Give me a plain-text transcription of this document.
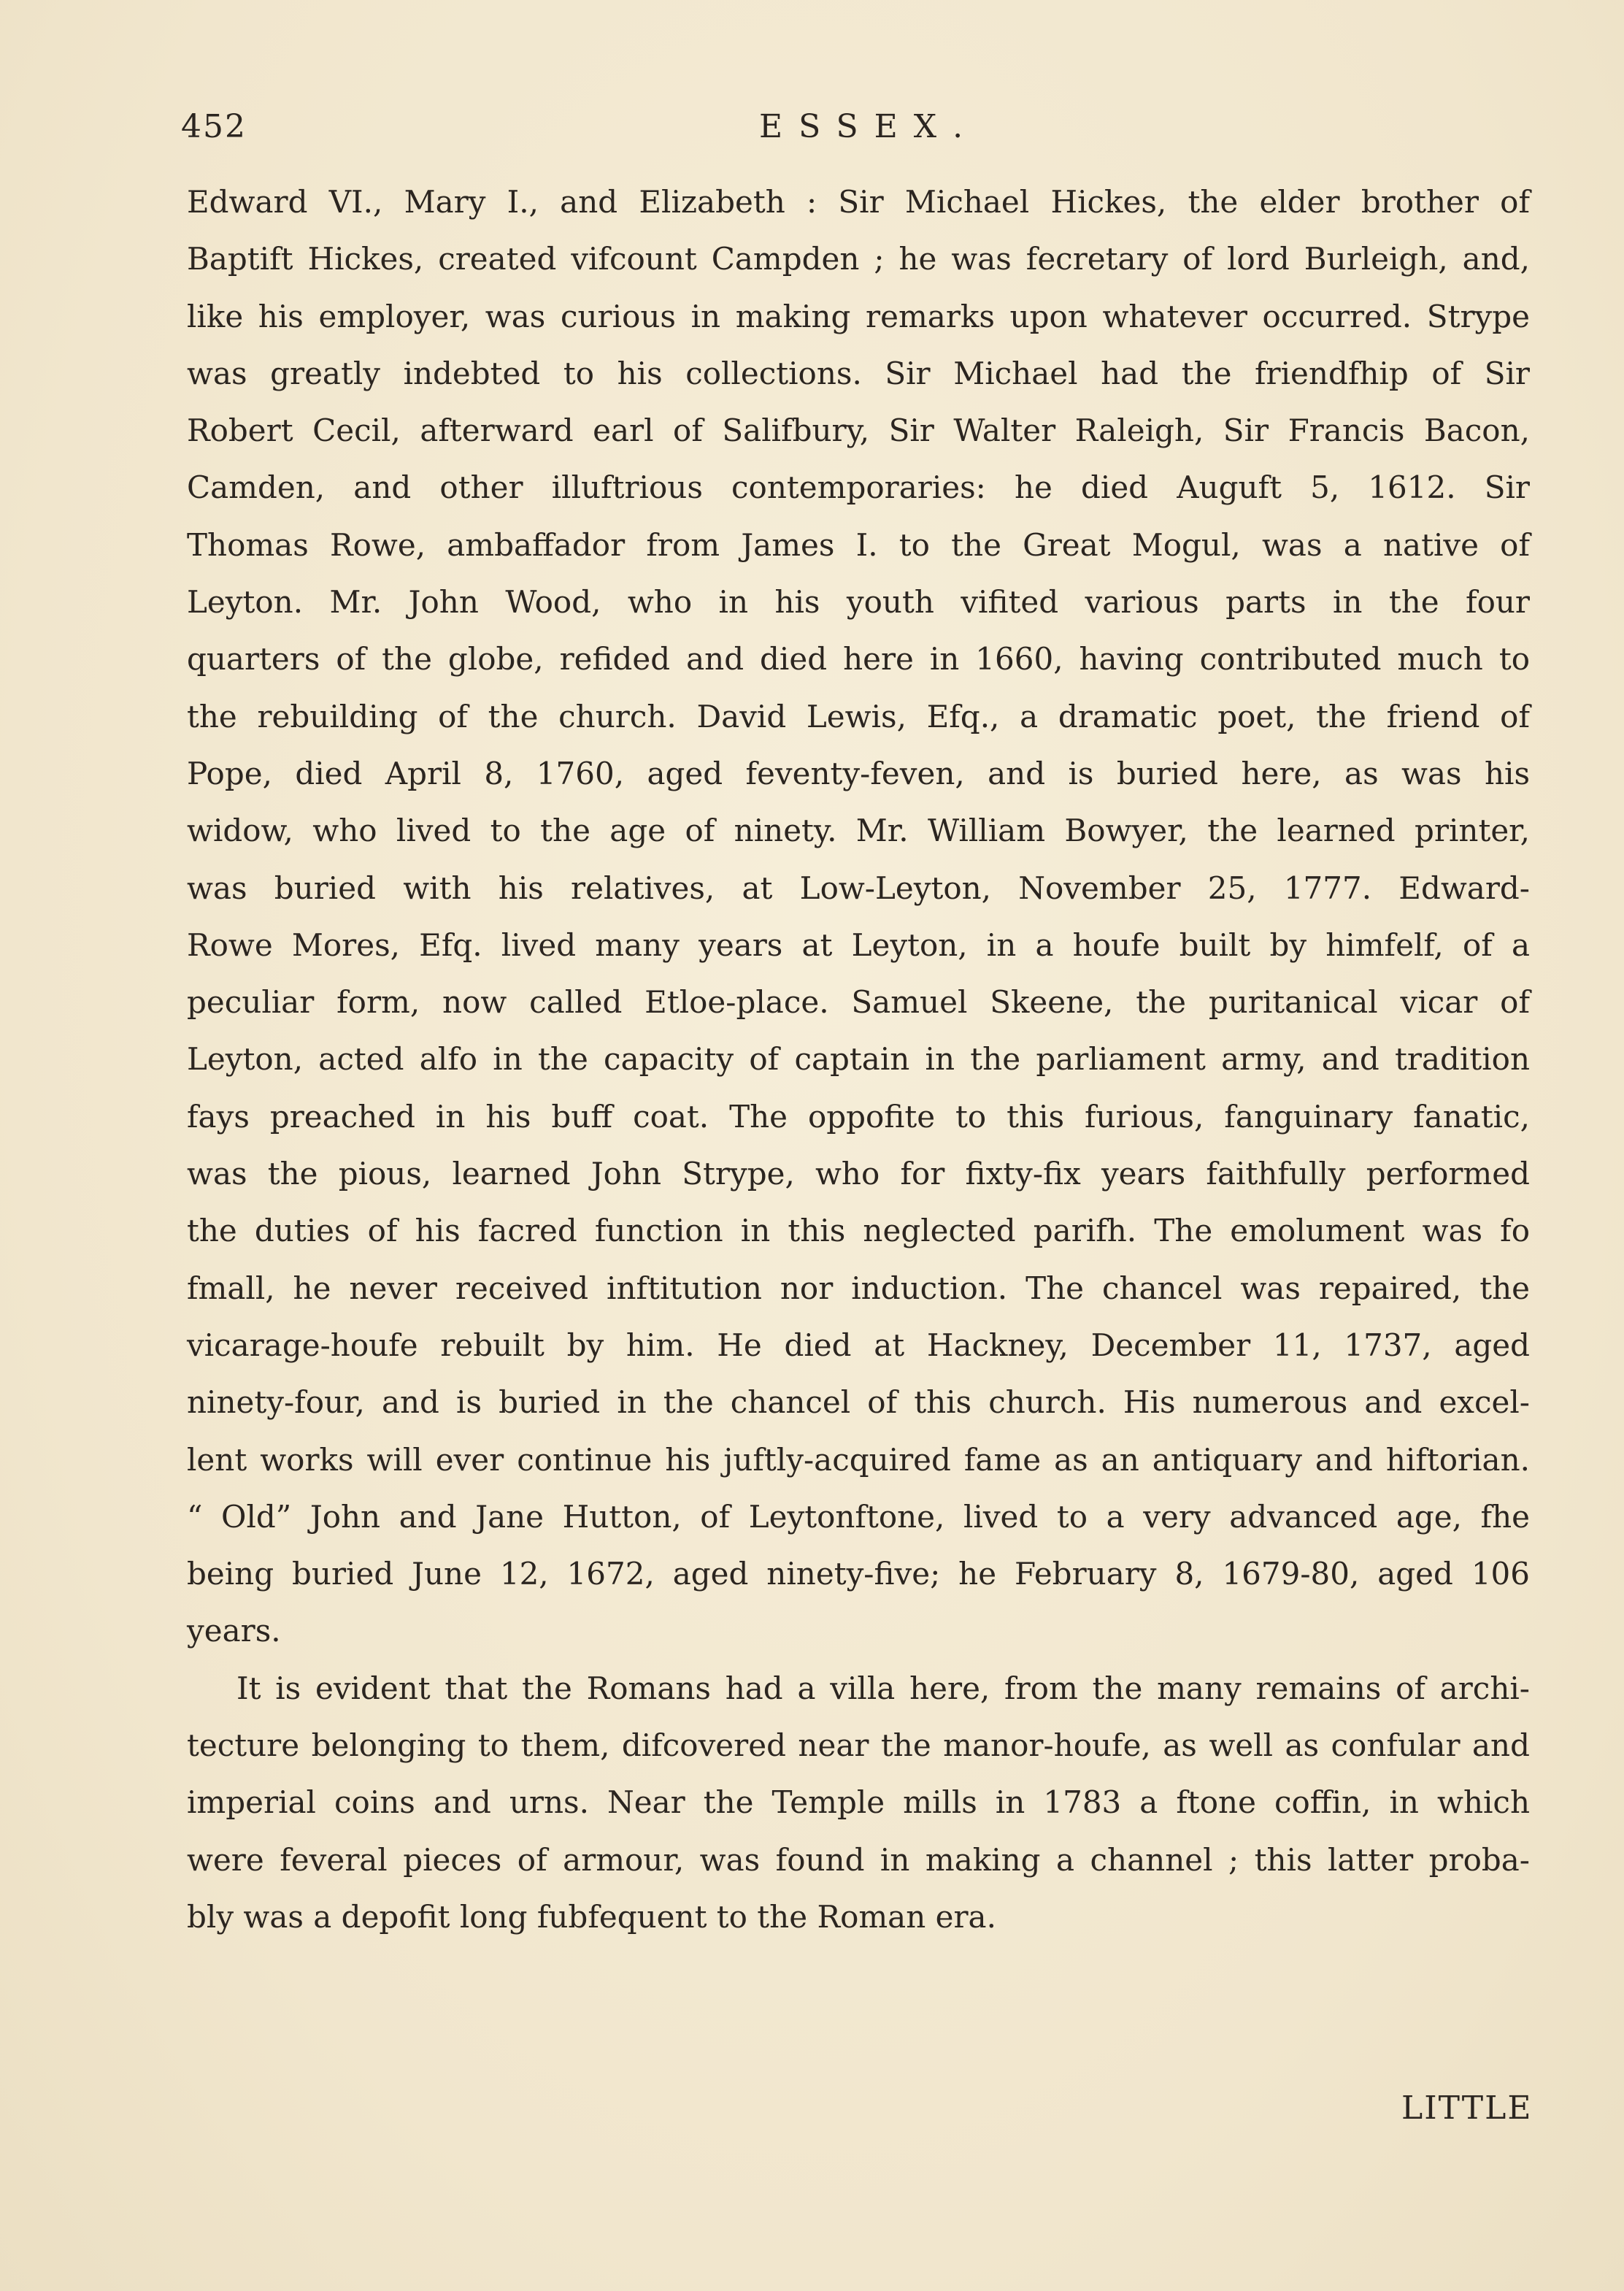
452	ESSEX.
Edward VI., Mary I., and Elizabeth : Sir Michael Hickes, the elder brother of
Baptift Hickes, created vifcount Campden ; he was fecretary of lord Burleigh, and,
like his employer, was curious in making remarks upon whatever occurred. Strype
was greatly indebted to his collections. Sir Michael had the friendfhip of Sir
Robert Cecil, afterward earl of Salifbury, Sir Walter Raleigh, Sir Francis Bacon,
Camden, and other illuftrious contemporaries: he died Auguft 5, 1612. Sir
Thomas Rowe, ambaffador from James I. to the Great Mogul, was a native of
Leyton. Mr. John Wood, who in his youth vifited various parts in the four
quarters of the globe, refided and died here in 1660, having contributed much to
the rebuilding of the church. David Lewis, Efq., a dramatic poet, the friend of
Pope, died April 8, 1760, aged feventy-feven, and is buried here, as was his
widow, who lived to the age of ninety. Mr. William Bowyer, the learned printer,
was buried with his relatives, at Low-Leyton, November 25, 1777. Edward-
Rowe Mores, Efq. lived many years at Leyton, in a houfe built by himfelf, of a
peculiar form, now called Etloe-place. Samuel Skeene, the puritanical vicar of
Leyton, acted alfo in the capacity of captain in the parliament army, and tradition
fays preached in his buff coat. The oppofite to this furious, fanguinary fanatic,
was the pious, learned John Strype, who for fixty-fix years faithfully performed
the duties of his facred function in this neglected parifh. The emolument was fo
fmall, he never received inftitution nor induction. The chancel was repaired, the
vicarage-houfe rebuilt by him. He died at Hackney, December 11, 1737, aged
ninety-four, and is buried in the chancel of this church. His numerous and excel-
lent works will ever continue his juftly-acquired fame as an antiquary and hiftorian.
“ Old” John and Jane Hutton, of Leytonftone, lived to a very advanced age, fhe
being buried June 12, 1672, aged ninety-five; he February 8, 1679-80, aged 106
years.
It is evident that the Romans had a villa here, from the many remains of archi-
tecture belonging to them, difcovered near the manor-houfe, as well as confular and
imperial coins and urns. Near the Temple mills in 1783 a ftone coffin, in which
were feveral pieces of armour, was found in making a channel ; this latter proba-
bly was a depofit long fubfequent to the Roman era.
LITTLE
